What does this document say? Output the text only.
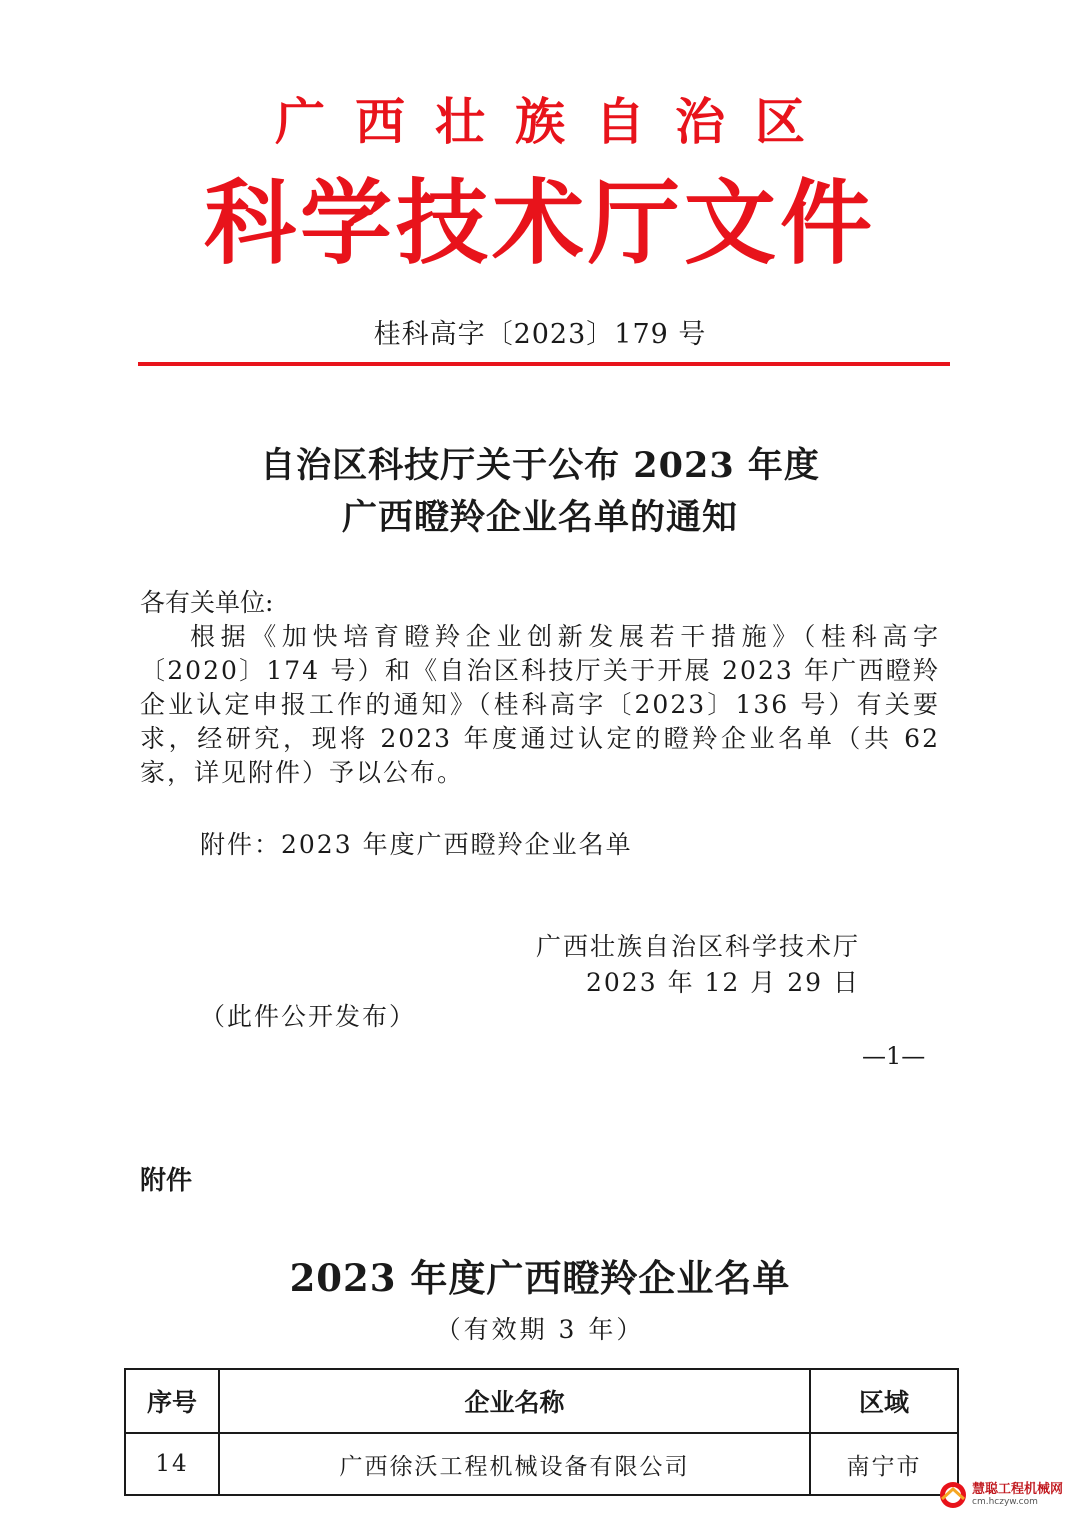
广西壮族自治区
科学技术厅文件
桂科高字〔2023〕179 号
自治区科技厅关于公布 2023 年度
广西瞪羚企业名单的通知
各有关单位:
根据《加快培育瞪羚企业创新发展若干措施》（桂科高字〔2020〕174 号）和《自治区科技厅关于开展 2023 年广西瞪羚企业认定申报工作的通知》（桂科高字〔2023〕136 号）有关要求，经研究，现将 2023 年度通过认定的瞪羚企业名单（共 62 家，详见附件）予以公布。
附件：2023 年度广西瞪羚企业名单
广西壮族自治区科学技术厅
2023 年 12 月 29 日
（此件公开发布）
—1—
附件
2023 年度广西瞪羚企业名单
（有效期 3 年）
序号	企业名称	区域
14	广西徐沃工程机械设备有限公司	南宁市
慧聪工程机械网
cm.hczyw.com
